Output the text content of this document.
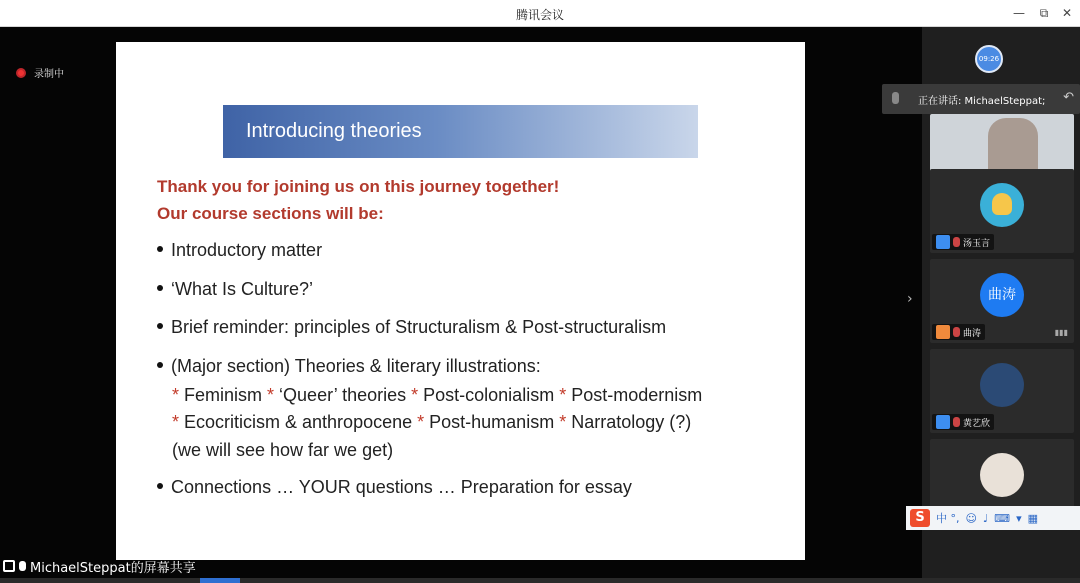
腾讯会议	—	⧉	✕
录制中
Introducing theories
Thank you for joining us on this journey together!
Our course sections will be:
Introductory matter
‘What Is Culture?’
Brief reminder: principles of Structuralism & Post-structuralism
(Major section) Theories & literary illustrations:
* Feminism * ‘Queer’ theories * Post-colonialism * Post-modernism
* Ecocriticism & anthropocene * Post-humanism * Narratology (?)
(we will see how far we get)
Connections … YOUR questions … Preparation for essay
›
MichaelSteppat的屏幕共享
09:26
汤玉言
曲涛
曲涛	▮▮▮
黄艺欣
正在讲话: MichaelSteppat; ↶
S	中 °, ☺ ♩ ⌨ ▾ ▦
